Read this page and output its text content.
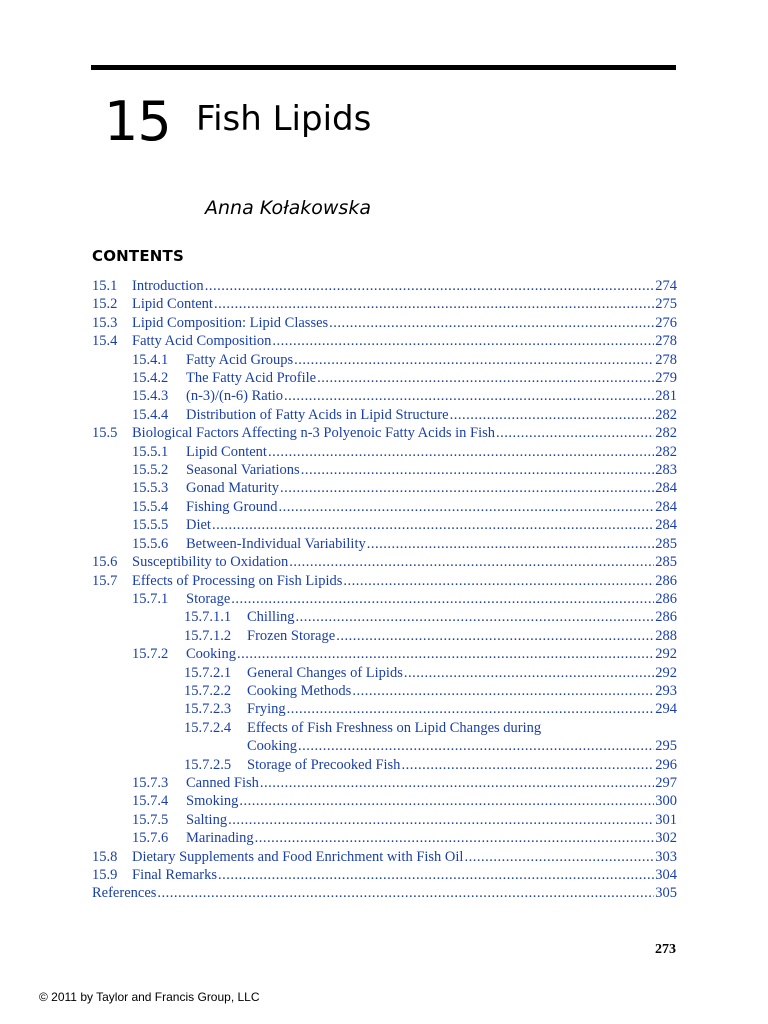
15 Fish Lipids
Anna Kołakowska
CONTENTS
15.1	Introduction .....	274
15.2	Lipid Content .....	275
15.3	Lipid Composition: Lipid Classes .....	276
15.4	Fatty Acid Composition .....	278
15.4.1	Fatty Acid Groups .....	278
15.4.2	The Fatty Acid Profile .....	279
15.4.3	(n-3)/(n-6) Ratio .....	281
15.4.4	Distribution of Fatty Acids in Lipid Structure .....	282
15.5	Biological Factors Affecting n-3 Polyenoic Fatty Acids in Fish .....	282
15.5.1	Lipid Content .....	282
15.5.2	Seasonal Variations .....	283
15.5.3	Gonad Maturity .....	284
15.5.4	Fishing Ground .....	284
15.5.5	Diet .....	284
15.5.6	Between-Individual Variability .....	285
15.6	Susceptibility to Oxidation .....	285
15.7	Effects of Processing on Fish Lipids .....	286
15.7.1	Storage .....	286
15.7.1.1	Chilling .....	286
15.7.1.2	Frozen Storage .....	288
15.7.2	Cooking .....	292
15.7.2.1	General Changes of Lipids .....	292
15.7.2.2	Cooking Methods .....	293
15.7.2.3	Frying .....	294
15.7.2.4	Effects of Fish Freshness on Lipid Changes during
Cooking .....	295
15.7.2.5	Storage of Precooked Fish .....	296
15.7.3	Canned Fish .....	297
15.7.4	Smoking .....	300
15.7.5	Salting .....	301
15.7.6	Marinading .....	302
15.8	Dietary Supplements and Food Enrichment with Fish Oil .....	303
15.9	Final Remarks .....	304
References .....	305
273
© 2011 by Taylor and Francis Group, LLC
